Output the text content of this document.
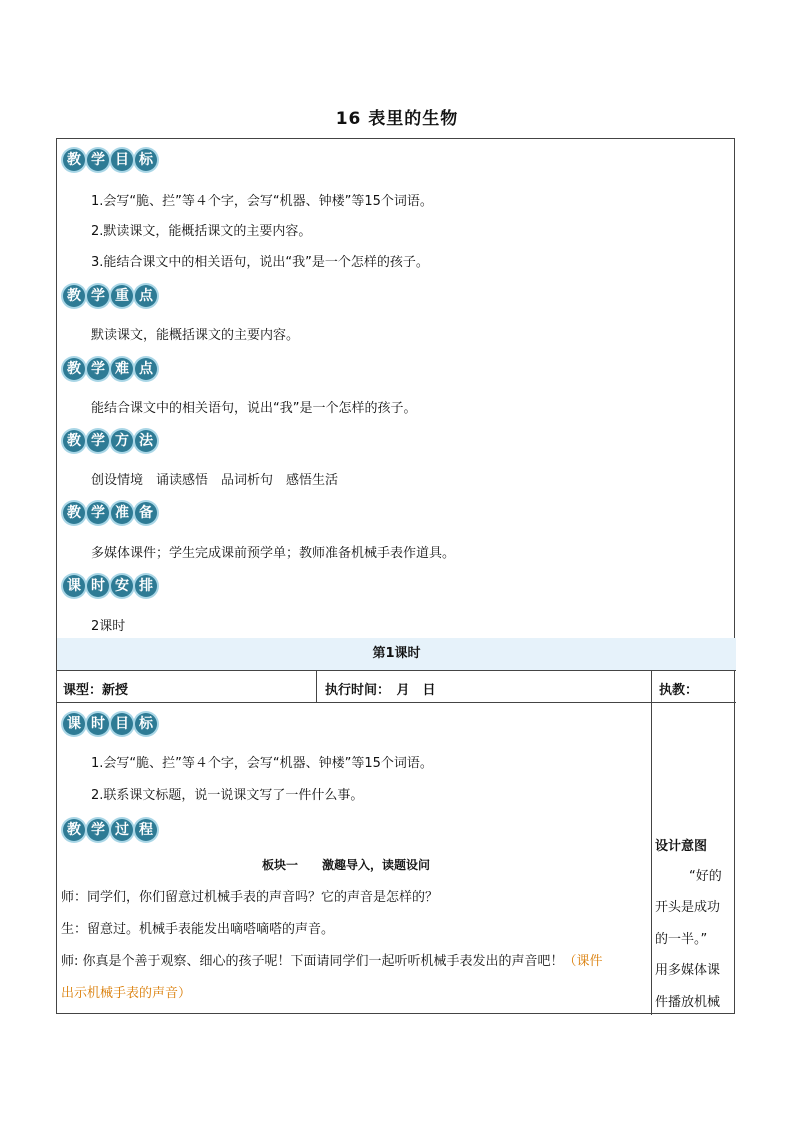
16 表里的生物
教 学 目 标
1.会写“脆、拦”等４个字，会写“机器、钟楼”等15个词语。
2.默读课文，能概括课文的主要内容。
3.能结合课文中的相关语句，说出“我”是一个怎样的孩子。
教 学 重 点
默读课文，能概括课文的主要内容。
教 学 难 点
能结合课文中的相关语句，说出“我”是一个怎样的孩子。
教 学 方 法
创设情境　诵读感悟　品词析句　感悟生活
教 学 准 备
多媒体课件；学生完成课前预学单；教师准备机械手表作道具。
课 时 安 排
2课时
第1课时
课型：新授	执行时间：　月　日	执教：
课 时 目 标
1.会写“脆、拦”等４个字，会写“机器、钟楼”等15个词语。
2.联系课文标题，说一说课文写了一件什么事。
教 学 过 程
板块一　　激趣导入，读题设问
师：同学们，你们留意过机械手表的声音吗？它的声音是怎样的？
生：留意过。机械手表能发出嘀嗒嘀嗒的声音。
师: 你真是个善于观察、细心的孩子呢！下面请同学们一起听听机械手表发出的声音吧！（课件
出示机械手表的声音）
设计意图
“好的
开头是成功
的一半。”
用多媒体课
件播放机械
